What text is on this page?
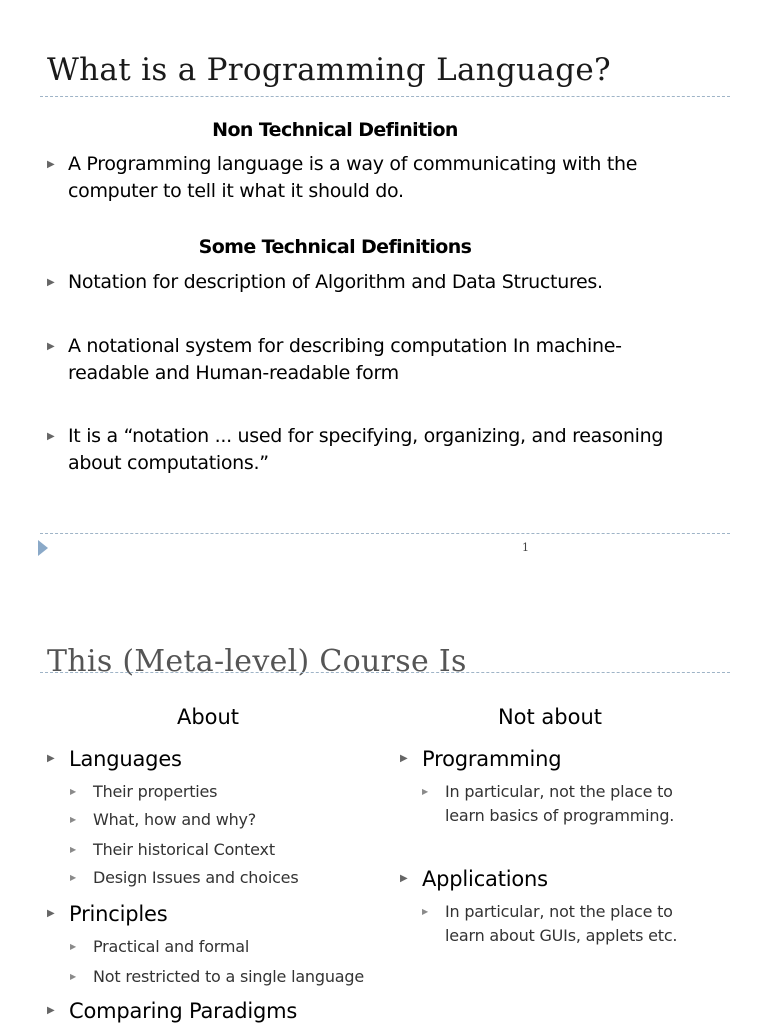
What is a Programming Language?
Non Technical Definition
▶ A Programming language is a way of communicating with the computer to tell it what it should do.
Some Technical Definitions
▶ Notation for description of Algorithm and Data Structures.
▶ A notational system for describing computation In machine-readable and Human-readable form
▶ It is a “notation ... used for specifying, organizing, and reasoning about computations.”
1
This (Meta-level) Course Is
About	Not about
▶ Languages
▶	Their properties
▶	What, how and why?
▶	Their historical Context
▶	Design Issues and choices
▶ Principles
▶	Practical and formal
▶	Not restricted to a single language
▶ Comparing Paradigms
▶ Programming
▶	In particular, not the place to learn basics of programming.
▶ Applications
▶	In particular, not the place to learn about GUIs, applets etc.
